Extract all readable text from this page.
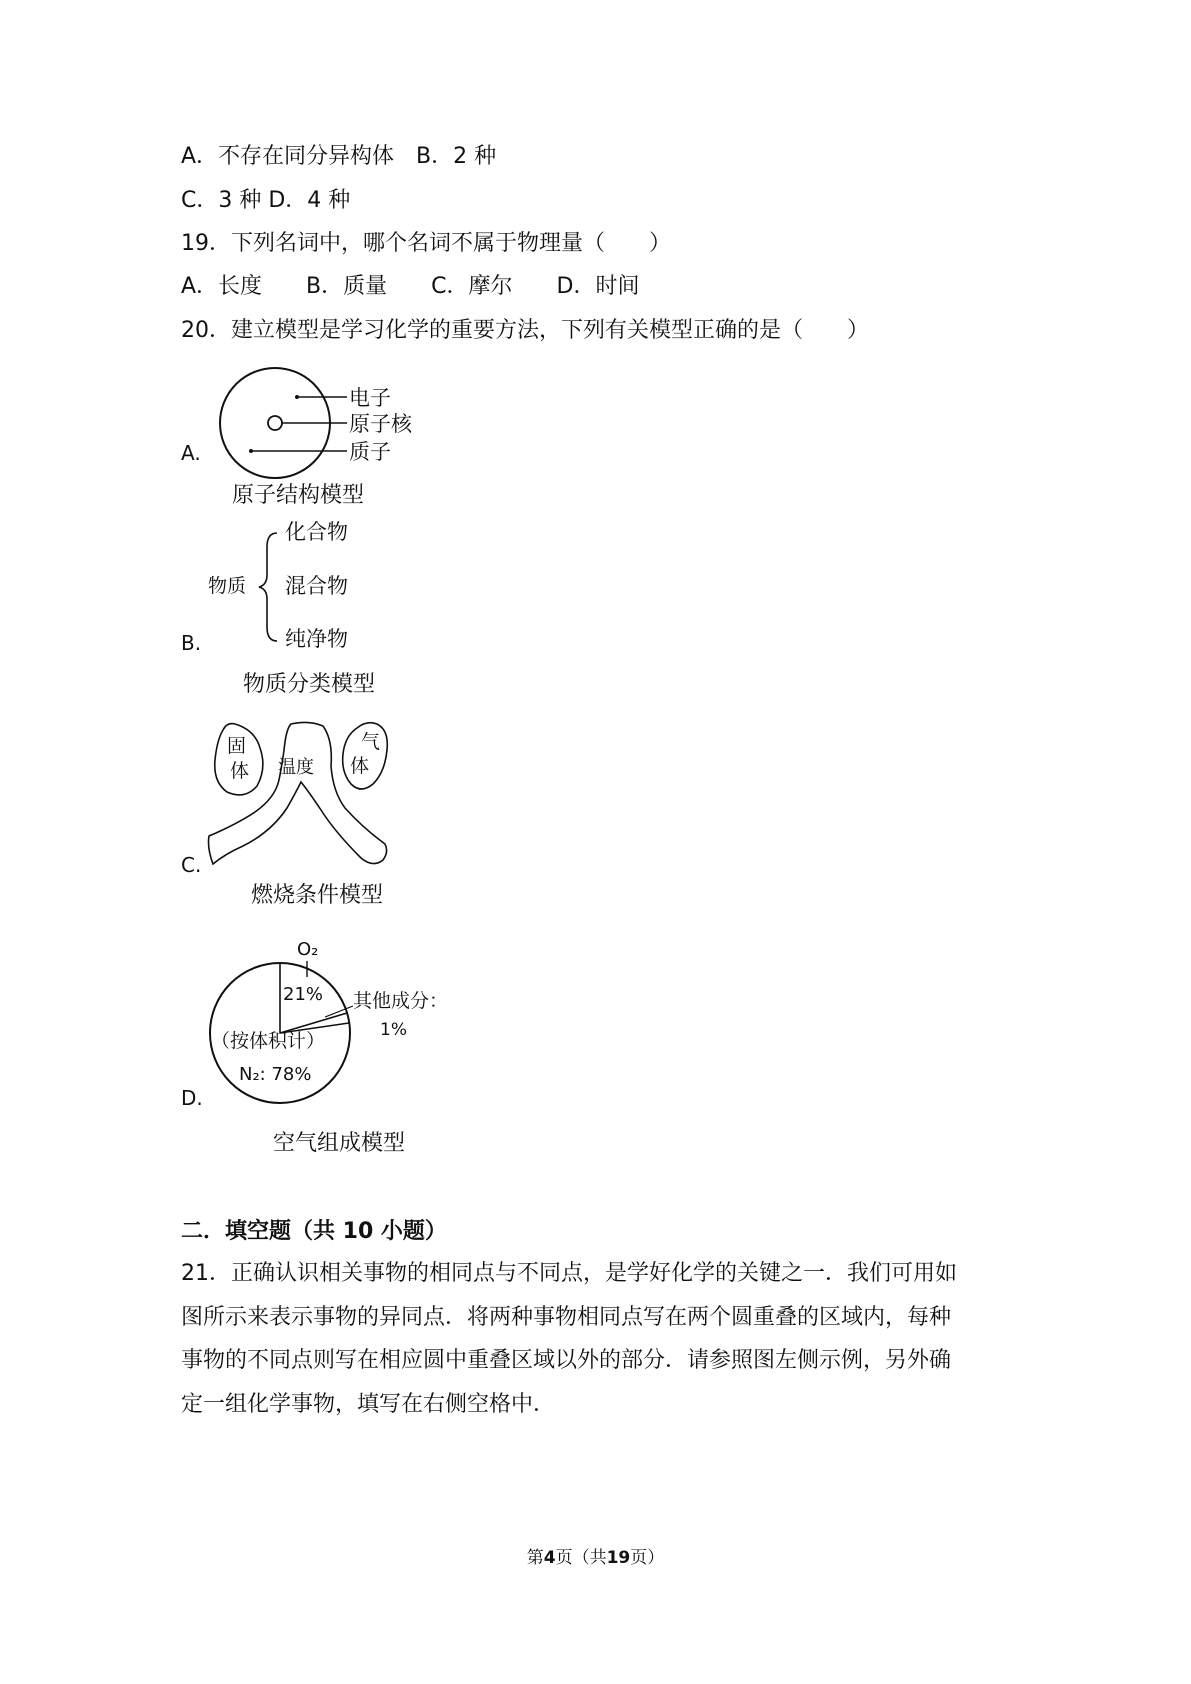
A．不存在同分异构体　B．2 种
C．3 种 D．4 种
19．下列名词中，哪个名词不属于物理量（　　）
A．长度　　B．质量　　C．摩尔　　D．时间
20．建立模型是学习化学的重要方法，下列有关模型正确的是（　　）
A.
电子
原子核
质子
原子结构模型
B.
物质
化合物
混合物
纯净物
物质分类模型
C.
固
体
气
体
温度
燃烧条件模型
D.
O₂
21% 其他成分：
1%
（按体积计）
N₂: 78%
空气组成模型
二．填空题（共 10 小题）
21．正确认识相关事物的相同点与不同点，是学好化学的关键之一．我们可用如
图所示来表示事物的异同点．将两种事物相同点写在两个圆重叠的区域内，每种
事物的不同点则写在相应圆中重叠区域以外的部分．请参照图左侧示例，另外确
定一组化学事物，填写在右侧空格中．
第4页（共19页）
